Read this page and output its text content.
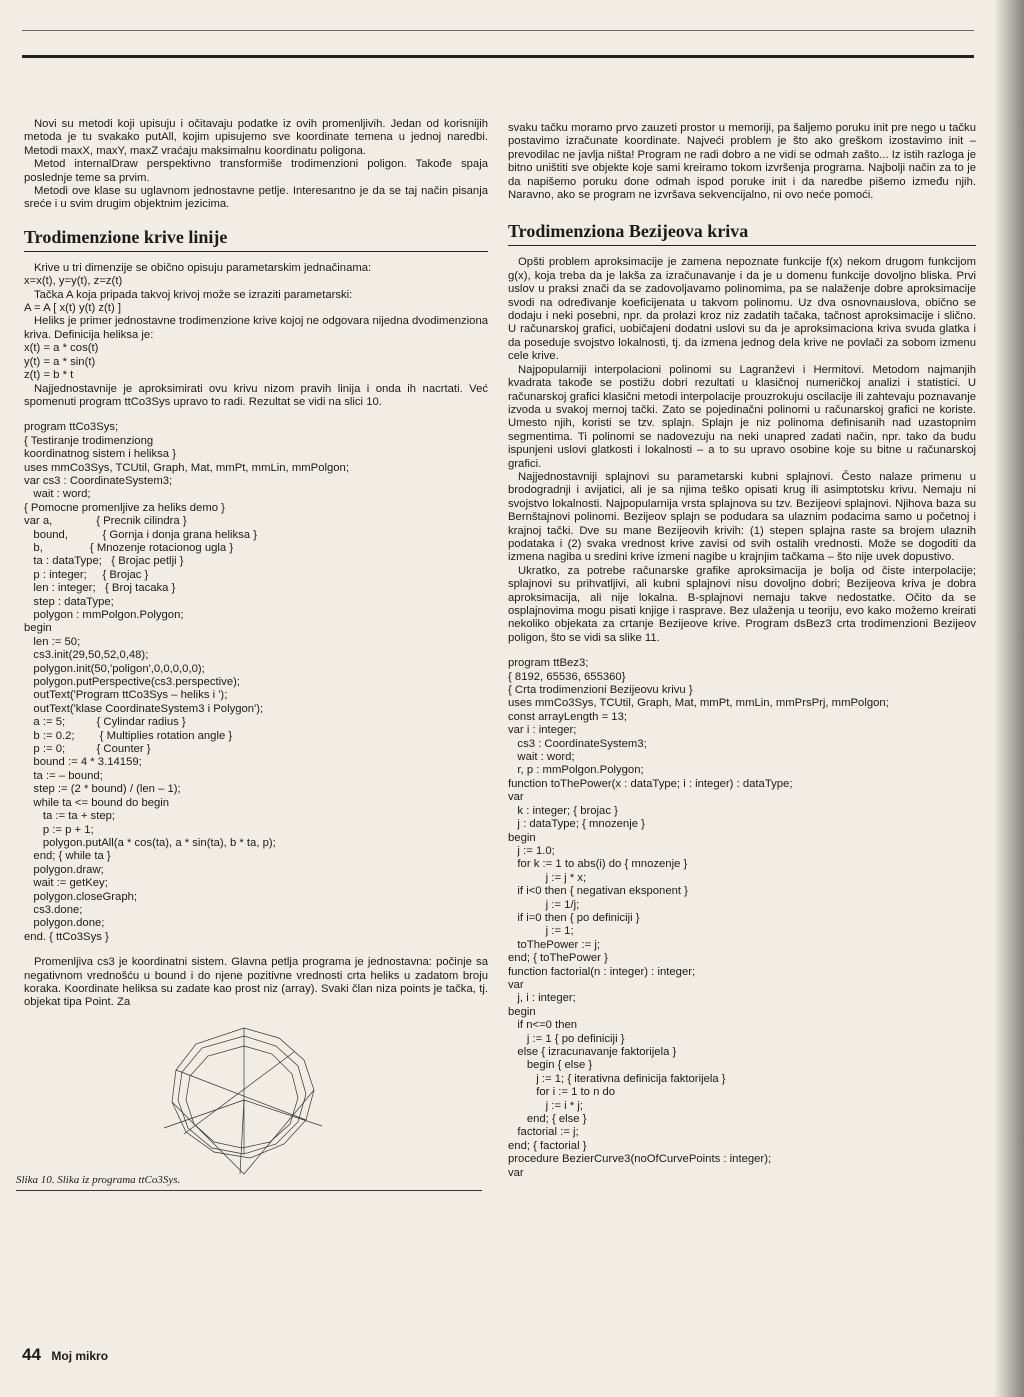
Novi su metodi koji upisuju i očitavaju podatke iz ovih promenljivih. Jedan od korisnijih metoda je tu svakako putAll, kojim upisujemo sve koordinate temena u jednoj naredbi. Metodi maxX, maxY, maxZ vraćaju maksimalnu koordinatu poligona.

Metod internalDraw perspektivno transformiše trodimenzioni poligon. Takođe spaja poslednje teme sa prvim.

Metodi ove klase su uglavnom jednostavne petlje. Interesantno je da se taj način pisanja sreće i u svim drugim objektnim jezicima.

Trodimenzione krive linije

Krive u tri dimenzije se obično opisuju parametarskim jednačinama:

x=x(t), y=y(t), z=z(t)

Tačka A koja pripada takvoj krivoj može se izraziti parametarski:

A = A [ x(t) y(t) z(t) ]

Heliks je primer jednostavne trodimenzione krive kojoj ne odgovara nijedna dvodimenziona kriva. Definicija heliksa je:

x(t) = a * cos(t)

y(t) = a * sin(t)

z(t) = b * t

Najjednostavnije je aproksimirati ovu krivu nizom pravih linija i onda ih nacrtati. Već spomenuti program ttCo3Sys upravo to radi. Rezultat se vidi na slici 10.

program ttCo3Sys;
{ Testiranje trodimenziong
koordinatnog sistem i heliksa }
uses mmCo3Sys, TCUtil, Graph, Mat, mmPt, mmLin, mmPolgon;
var cs3 : CoordinateSystem3;
wait : word;
{ Pomocne promenljive za heliks demo }
var a,              { Precnik cilindra }
bound,           { Gornja i donja grana heliksa }
b,               { Mnozenje rotacionog ugla }
ta : dataType;   { Brojac petlji }
p : integer;     { Brojac }
len : integer;   { Broj tacaka }
step : dataType;
polygon : mmPolgon.Polygon;
begin
len := 50;
cs3.init(29,50,52,0,48);
polygon.init(50,'poligon',0,0,0,0,0);
polygon.putPerspective(cs3.perspective);
outText('Program ttCo3Sys – heliks i ');
outText('klase CoordinateSystem3 i Polygon');
a := 5;          { Cylindar radius }
b := 0.2;        { Multiplies rotation angle }
p := 0;          { Counter }
bound := 4 * 3.14159;
ta := – bound;
step := (2 * bound) / (len – 1);
while ta <= bound do begin
ta := ta + step;
p := p + 1;
polygon.putAll(a * cos(ta), a * sin(ta), b * ta, p);
end; { while ta }
polygon.draw;
wait := getKey;
polygon.closeGraph;
cs3.done;
polygon.done;
end. { ttCo3Sys }

Promenljiva cs3 je koordinatni sistem. Glavna petlja programa je jednostavna: počinje sa negativnom vrednošću u bound i do njene pozitivne vrednosti crta heliks u zadatom broju koraka. Koordinate heliksa su zadate kao prost niz (array). Svaki član niza points je tačka, tj. objekat tipa Point. Za

Slika 10. Slika iz programa ttCo3Sys.

svaku tačku moramo prvo zauzeti prostor u memoriji, pa šaljemo poruku init pre nego u tačku postavimo izračunate koordinate. Najveći problem je što ako greškom izostavimo init – prevodilac ne javlja ništa! Program ne radi dobro a ne vidi se odmah zašto... Iz istih razloga je bitno uništiti sve objekte koje sami kreiramo tokom izvršenja programa. Najbolji način za to je da napišemo poruku done odmah ispod poruke init i da naredbe pišemo između njih. Naravno, ako se program ne izvršava sekvencijalno, ni ovo neće pomoći.

Trodimenziona Bezijeova kriva

Opšti problem aproksimacije je zamena nepoznate funkcije f(x) nekom drugom funkcijom g(x), koja treba da je lakša za izračunavanje i da je u domenu funkcije dovoljno bliska. Prvi uslov u praksi znači da se zadovoljavamo polinomima, pa se nalaženje dobre aproksimacije svodi na određivanje koeficijenata u takvom polinomu. Uz dva osnovnauslova, obično se dodaju i neki posebni, npr. da prolazi kroz niz zadatih tačaka, tačnost aproksimacije i slično. U računarskoj grafici, uobičajeni dodatni uslovi su da je aproksimaciona kriva svuda glatka i da poseduje svojstvo lokalnosti, tj. da izmena jednog dela krive ne povlači za sobom izmenu cele krive.

Najpopularniji interpolacioni polinomi su Lagranževi i Hermitovi. Metodom najmanjih kvadrata takođe se postižu dobri rezultati u klasičnoj numeričkoj analizi i statistici. U računarskoj grafici klasični metodi interpolacije prouzrokuju oscilacije ili zahtevaju poznavanje izvoda u svakoj mernoj tački. Zato se pojedinačni polinomi u računarskoj grafici ne koriste. Umesto njih, koristi se tzv. splajn. Splajn je niz polinoma definisanih nad uzastopnim segmentima. Ti polinomi se nadovezuju na neki unapred zadati način, npr. tako da budu ispunjeni uslovi glatkosti i lokalnosti – a to su upravo osobine koje su bitne u računarskoj grafici.

Najjednostavniji splajnovi su parametarski kubni splajnovi. Često nalaze primenu u brodogradnji i avijatici, ali je sa njima teško opisati krug ili asimptotsku krivu. Nemaju ni svojstvo lokalnosti. Najpopularnija vrsta splajnova su tzv. Bezijeovi splajnovi. Njihova baza su Bernštajnovi polinomi. Bezijeov splajn se podudara sa ulaznim podacima samo u početnoj i krajnoj tački. Dve su mane Bezijeovih krivih: (1) stepen splajna raste sa brojem ulaznih podataka i (2) svaka vrednost krive zavisi od svih ostalih vrednosti. Može se dogoditi da izmena nagiba u sredini krive izmeni nagibe u krajnjim tačkama – što nije uvek dopustivo.

Ukratko, za potrebe računarske grafike aproksimacija je bolja od čiste interpolacije; splajnovi su prihvatljivi, ali kubni splajnovi nisu dovoljno dobri; Bezijeova kriva je dobra aproksimacija, ali nije lokalna. B-splajnovi nemaju takve nedostatke. Očito da se osplajnovima mogu pisati knjige i rasprave. Bez ulaženja u teoriju, evo kako možemo kreirati nekoliko objekata za crtanje Bezijeove krive. Program dsBez3 crta trodimenzioni Bezijeov poligon, što se vidi sa slike 11.

program ttBez3;
{ 8192, 65536, 655360}
{ Crta trodimenzioni Bezijeovu krivu }
uses mmCo3Sys, TCUtil, Graph, Mat, mmPt, mmLin, mmPrsPrj, mmPolgon;
const arrayLength = 13;
var i : integer;
cs3 : CoordinateSystem3;
wait : word;
r, p : mmPolgon.Polygon;
function toThePower(x : dataType; i : integer) : dataType;
var
k : integer; { brojac }
j : dataType; { mnozenje }
begin
j := 1.0;
for k := 1 to abs(i) do { mnozenje }
j := j * x;
if i<0 then { negativan eksponent }
j := 1/j;
if i=0 then { po definiciji }
j := 1;
toThePower := j;
end; { toThePower }
function factorial(n : integer) : integer;
var
j, i : integer;
begin
if n<=0 then
j := 1 { po definiciji }
else { izracunavanje faktorijela }
begin { else }
j := 1; { iterativna definicija faktorijela }
for i := 1 to n do
j := i * j;
end; { else }
factorial := j;
end; { factorial }
procedure BezierCurve3(noOfCurvePoints : integer);
var
44 Moj mikro
